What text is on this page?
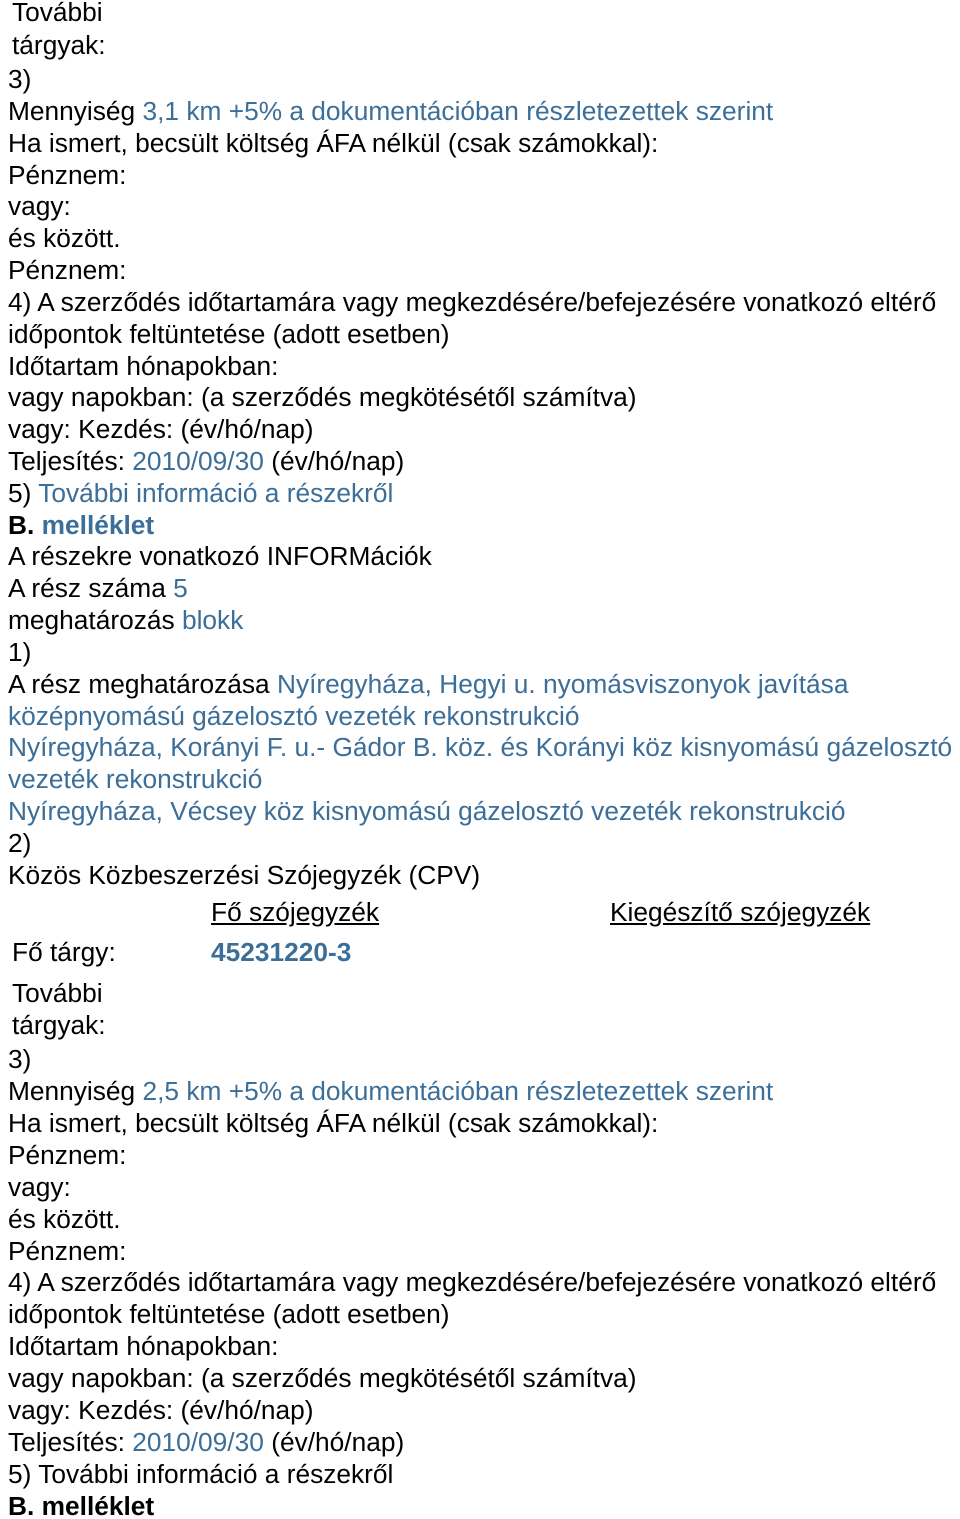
További
tárgyak:
3)
Mennyiség 3,1 km +5% a dokumentációban részletezettek szerint
Ha ismert, becsült költség ÁFA nélkül (csak számokkal):
Pénznem:
vagy:
és között.
Pénznem:
4) A szerződés időtartamára vagy megkezdésére/befejezésére vonatkozó eltérő
időpontok feltüntetése (adott esetben)
Időtartam hónapokban:
vagy napokban: (a szerződés megkötésétől számítva)
vagy: Kezdés: (év/hó/nap)
Teljesítés: 2010/09/30 (év/hó/nap)
5) További információ a részekről
B. melléklet
A részekre vonatkozó INFORMációk
A rész száma 5
meghatározás blokk
1)
A rész meghatározása Nyíregyháza, Hegyi u. nyomásviszonyok javítása
középnyomású gázelosztó vezeték rekonstrukció
Nyíregyháza, Korányi F. u.- Gádor B. köz. és Korányi köz kisnyomású gázelosztó
vezeték rekonstrukció
Nyíregyháza, Vécsey köz kisnyomású gázelosztó vezeték rekonstrukció
2)
Közös Közbeszerzési Szójegyzék (CPV)
Fő szójegyzék	Kiegészítő szójegyzék
Fő tárgy:	45231220-3
További
tárgyak:
3)
Mennyiség 2,5 km +5% a dokumentációban részletezettek szerint
Ha ismert, becsült költség ÁFA nélkül (csak számokkal):
Pénznem:
vagy:
és között.
Pénznem:
4) A szerződés időtartamára vagy megkezdésére/befejezésére vonatkozó eltérő
időpontok feltüntetése (adott esetben)
Időtartam hónapokban:
vagy napokban: (a szerződés megkötésétől számítva)
vagy: Kezdés: (év/hó/nap)
Teljesítés: 2010/09/30 (év/hó/nap)
5) További információ a részekről
B. melléklet
